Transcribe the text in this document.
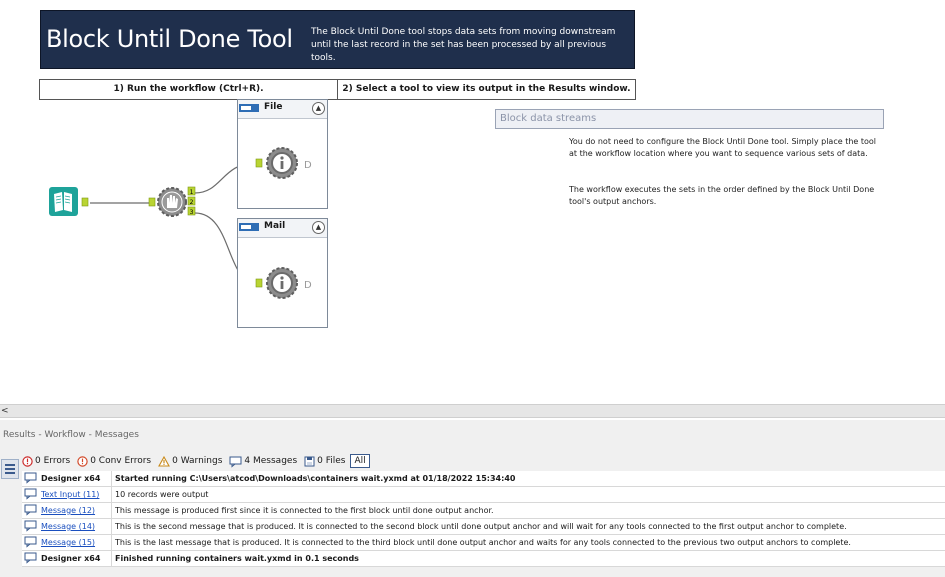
Block Until Done Tool The Block Until Done tool stops data sets from moving downstream until the last record in the set has been processed by all previous tools.
1) Run the workflow (Ctrl+R).	2) Select a tool to view its output in the Results window.
1
2
3
File	▲
Mail	▲
D
D
Block data streams
You do not need to configure the Block Until Done tool. Simply place the tool at the workflow location where you want to sequence various sets of data.
The workflow executes the sets in the order defined by the Block Until Done tool's output anchors.
<
Results - Workflow - Messages
0 Errors 0 Conv Errors 0 Warnings 4 Messages 0 Files	All
	Designer x64	Started running C:\Users\atcod\Downloads\containers wait.yxmd at 01/18/2022 15:34:40
	Text Input (11)	10 records were output
	Message (12)	This message is produced first since it is connected to the first block until done output anchor.
	Message (14)	This is the second message that is produced. It is connected to the second block until done output anchor and will wait for any tools connected to the first output anchor to complete.
	Message (15)	This is the last message that is produced. It is connected to the third block until done output anchor and waits for any tools connected to the previous two output anchors to complete.
	Designer x64	Finished running containers wait.yxmd in 0.1 seconds
